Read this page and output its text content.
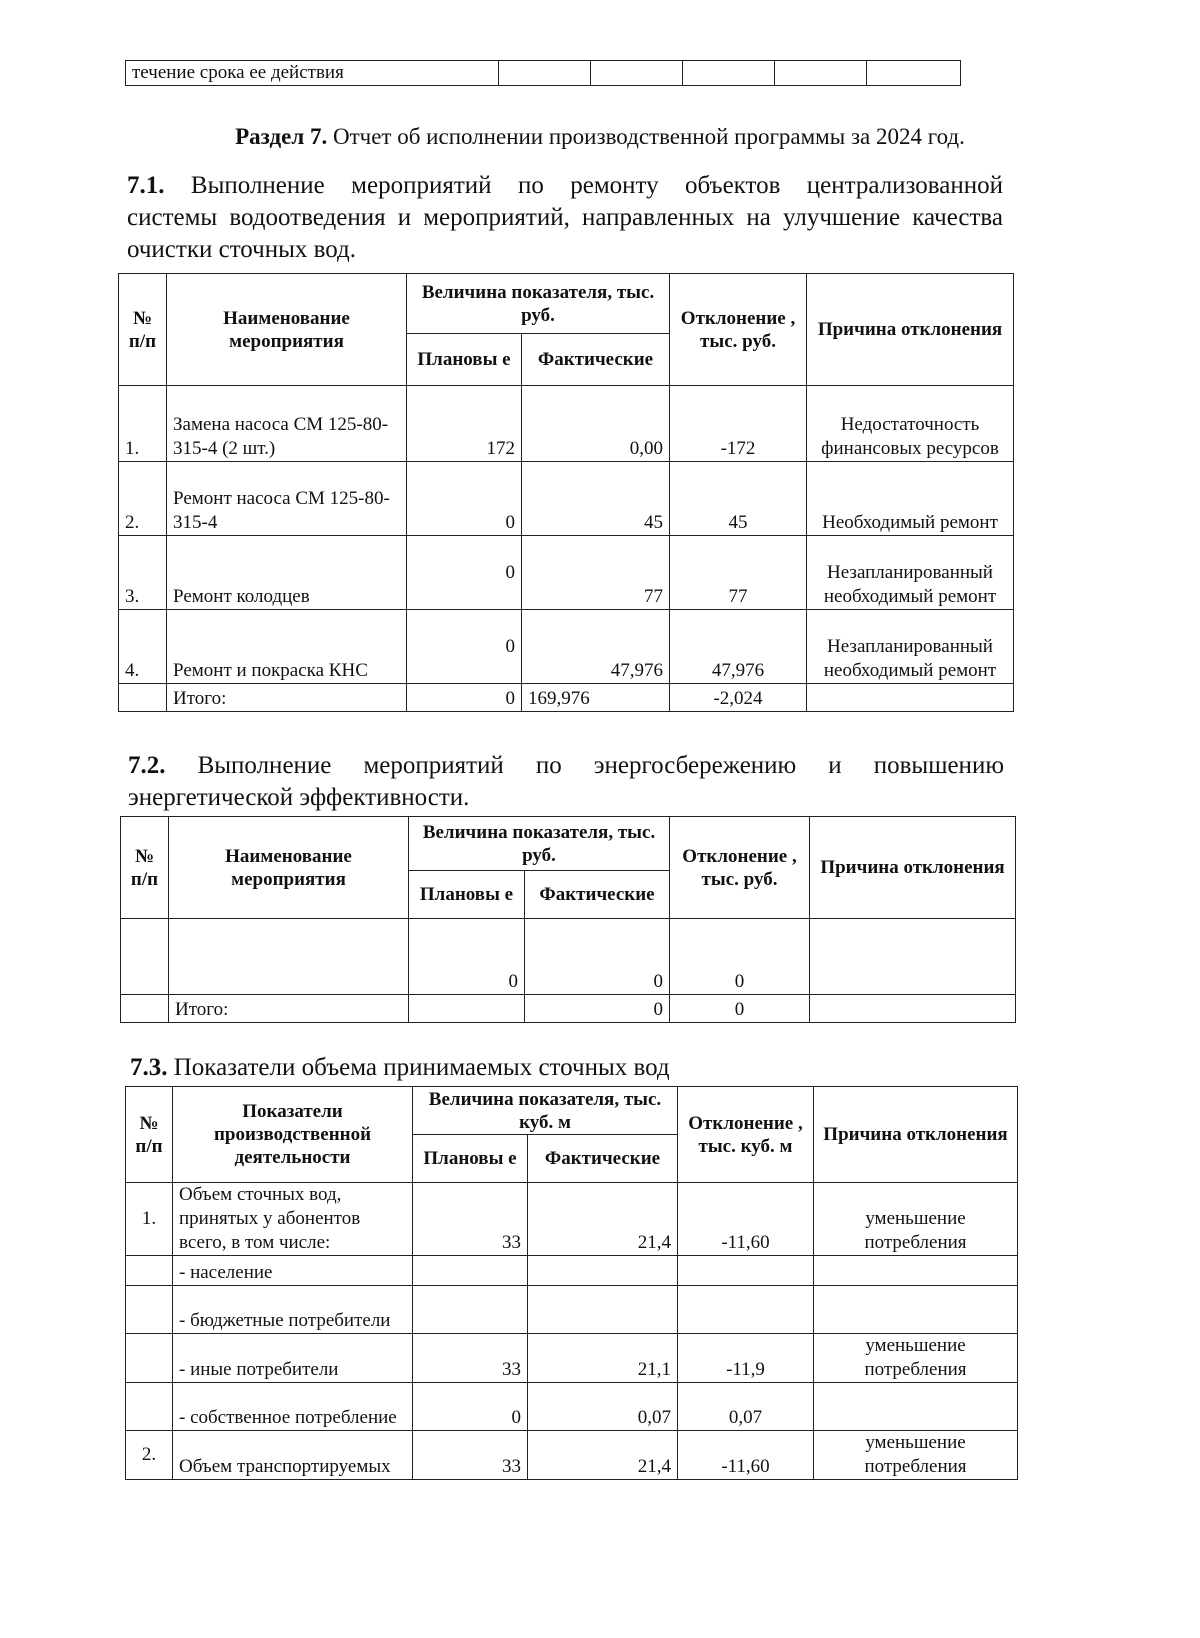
течение срока ее действия					
Раздел 7. Отчет об исполнении производственной программы за 2024 год.
7.1. Выполнение мероприятий по ремонту объектов централизованной
системы водоотведения и мероприятий, направленных на улучшение качества
очистки сточных вод.
№ п/п	Наименование мероприятия	Величина показателя, тыс. руб.		Отклонение , тыс. руб.	Причина отклонения
		Плановы е	Фактические		
1.	Замена насоса СМ 125-80-315-4 (2 шт.)	172	0,00	-172	Недостаточность финансовых ресурсов
2.	Ремонт насоса СМ 125-80-315-4	0	45	45	Необходимый ремонт
3.	Ремонт колодцев	0	77	77	Незапланированный необходимый ремонт
4.	Ремонт и покраска КНС	0	47,976	47,976	Незапланированный необходимый ремонт
	Итого:	0	169,976	-2,024	
7.2. Выполнение мероприятий по энергосбережению и повышению
энергетической эффективности.
№ п/п	Наименование мероприятия	Величина показателя, тыс. руб.		Отклонение , тыс. руб.	Причина отклонения
		Плановы е	Фактические		
		0	0	0	
	Итого:		0	0	
7.3. Показатели объема принимаемых сточных вод
№ п/п	Показатели производственной деятельности	Величина показателя, тыс. куб. м		Отклонение , тыс. куб. м	Причина отклонения
		Плановы е	Фактические		
1.	Объем сточных вод, принятых у абонентов всего, в том числе:	33	21,4	-11,60	уменьшение потребления
	- население				
	- бюджетные потребители				
	- иные потребители	33	21,1	-11,9	уменьшение потребления
	- собственное потребление	0	0,07	0,07	
2.	Объем транспортируемых	33	21,4	-11,60	уменьшение потребления
